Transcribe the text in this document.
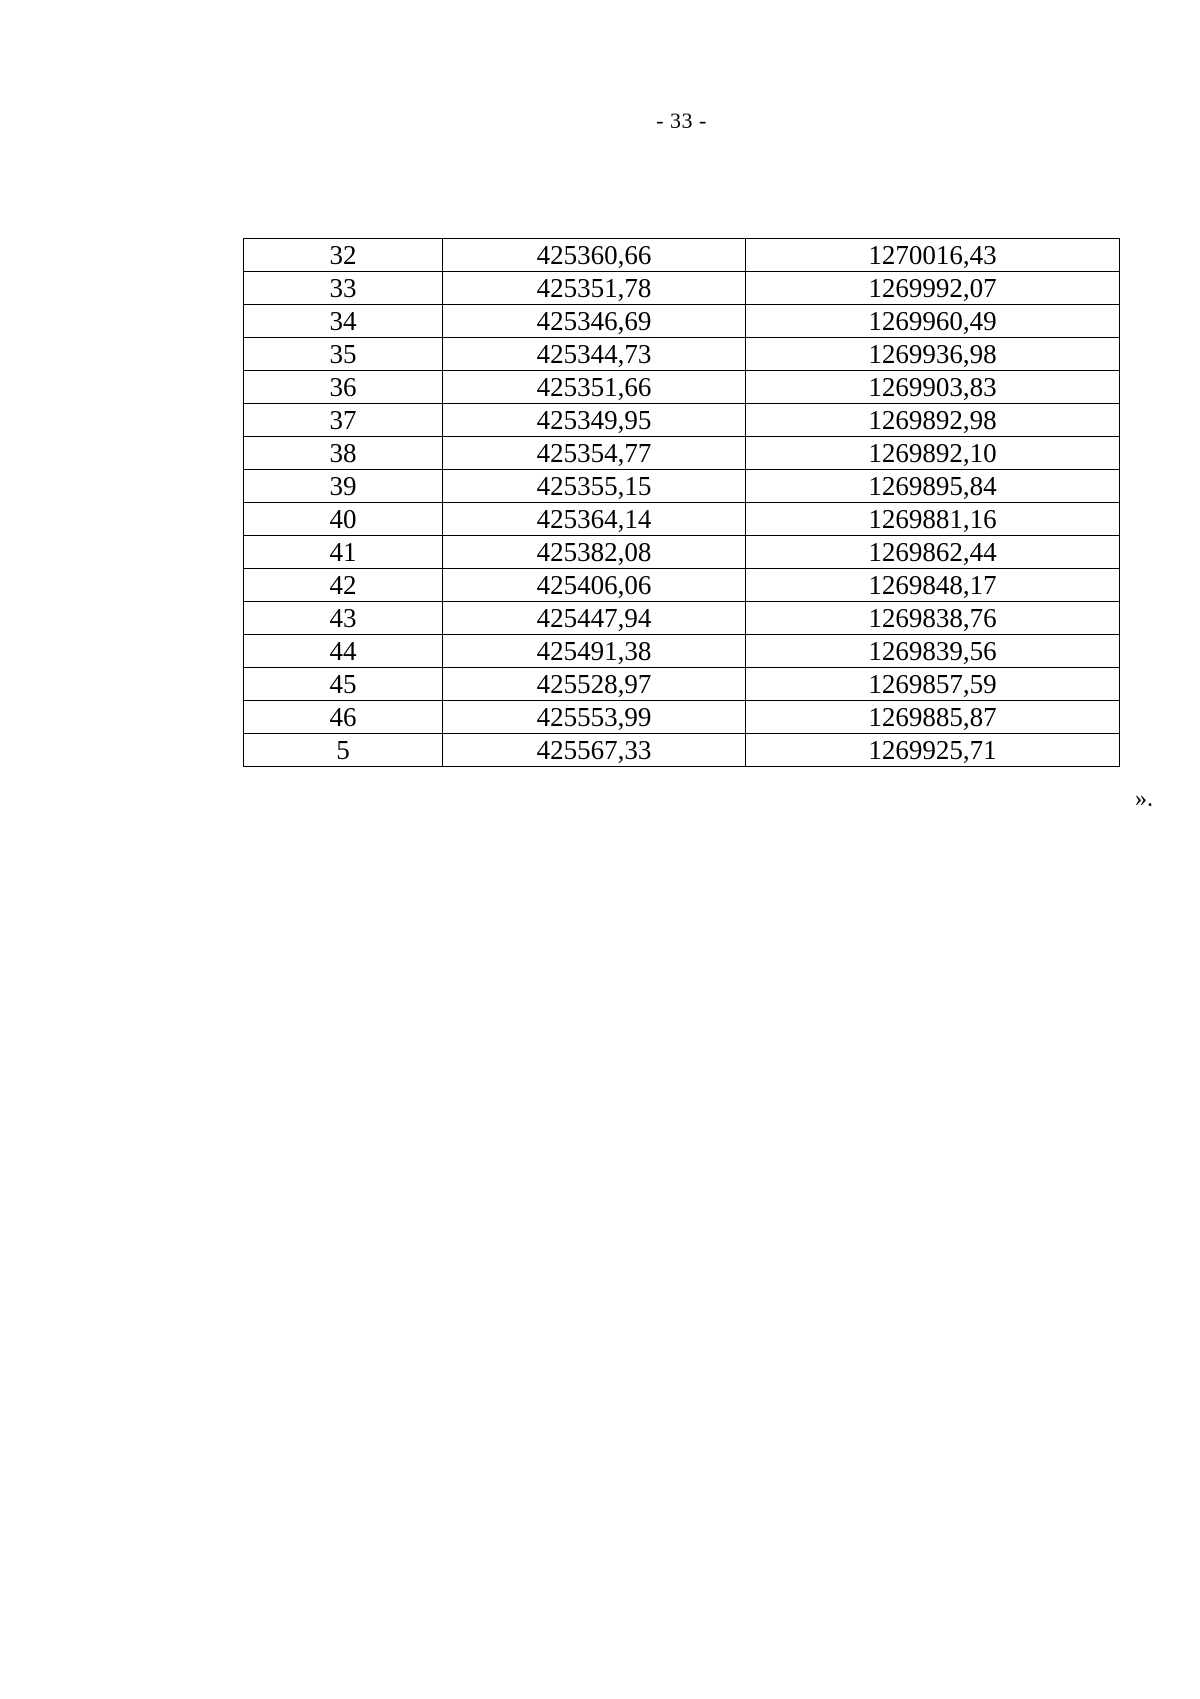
- 33 -
32	425360,66	1270016,43
33	425351,78	1269992,07
34	425346,69	1269960,49
35	425344,73	1269936,98
36	425351,66	1269903,83
37	425349,95	1269892,98
38	425354,77	1269892,10
39	425355,15	1269895,84
40	425364,14	1269881,16
41	425382,08	1269862,44
42	425406,06	1269848,17
43	425447,94	1269838,76
44	425491,38	1269839,56
45	425528,97	1269857,59
46	425553,99	1269885,87
5	425567,33	1269925,71
».
